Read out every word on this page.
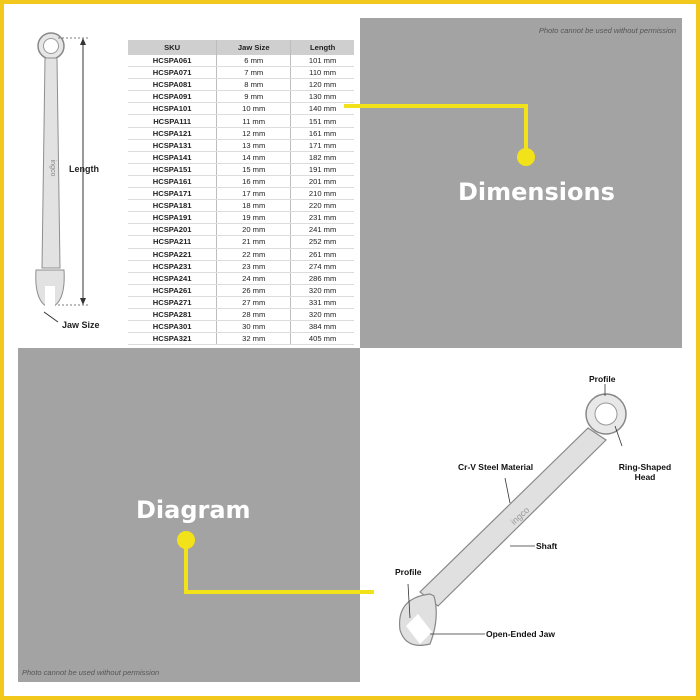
ingco Length
Jaw Size
SKU	Jaw Size	Length
HCSPA061	6 mm	101 mm
HCSPA071	7 mm	110 mm
HCSPA081	8 mm	120 mm
HCSPA091	9 mm	130 mm
HCSPA101	10 mm	140 mm
HCSPA111	11 mm	151 mm
HCSPA121	12 mm	161 mm
HCSPA131	13 mm	171 mm
HCSPA141	14 mm	182 mm
HCSPA151	15 mm	191 mm
HCSPA161	16 mm	201 mm
HCSPA171	17 mm	210 mm
HCSPA181	18 mm	220 mm
HCSPA191	19 mm	231 mm
HCSPA201	20 mm	241 mm
HCSPA211	21 mm	252 mm
HCSPA221	22 mm	261 mm
HCSPA231	23 mm	274 mm
HCSPA241	24 mm	286 mm
HCSPA261	26 mm	320 mm
HCSPA271	27 mm	331 mm
HCSPA281	28 mm	320 mm
HCSPA301	30 mm	384 mm
HCSPA321	32 mm	405 mm
Photo cannot be used without permission
Dimensions
Diagram
Photo cannot be used without permission
ingco
Profile
Ring-Shaped Head
Cr-V Steel Material
Shaft
Profile
Open-Ended Jaw
